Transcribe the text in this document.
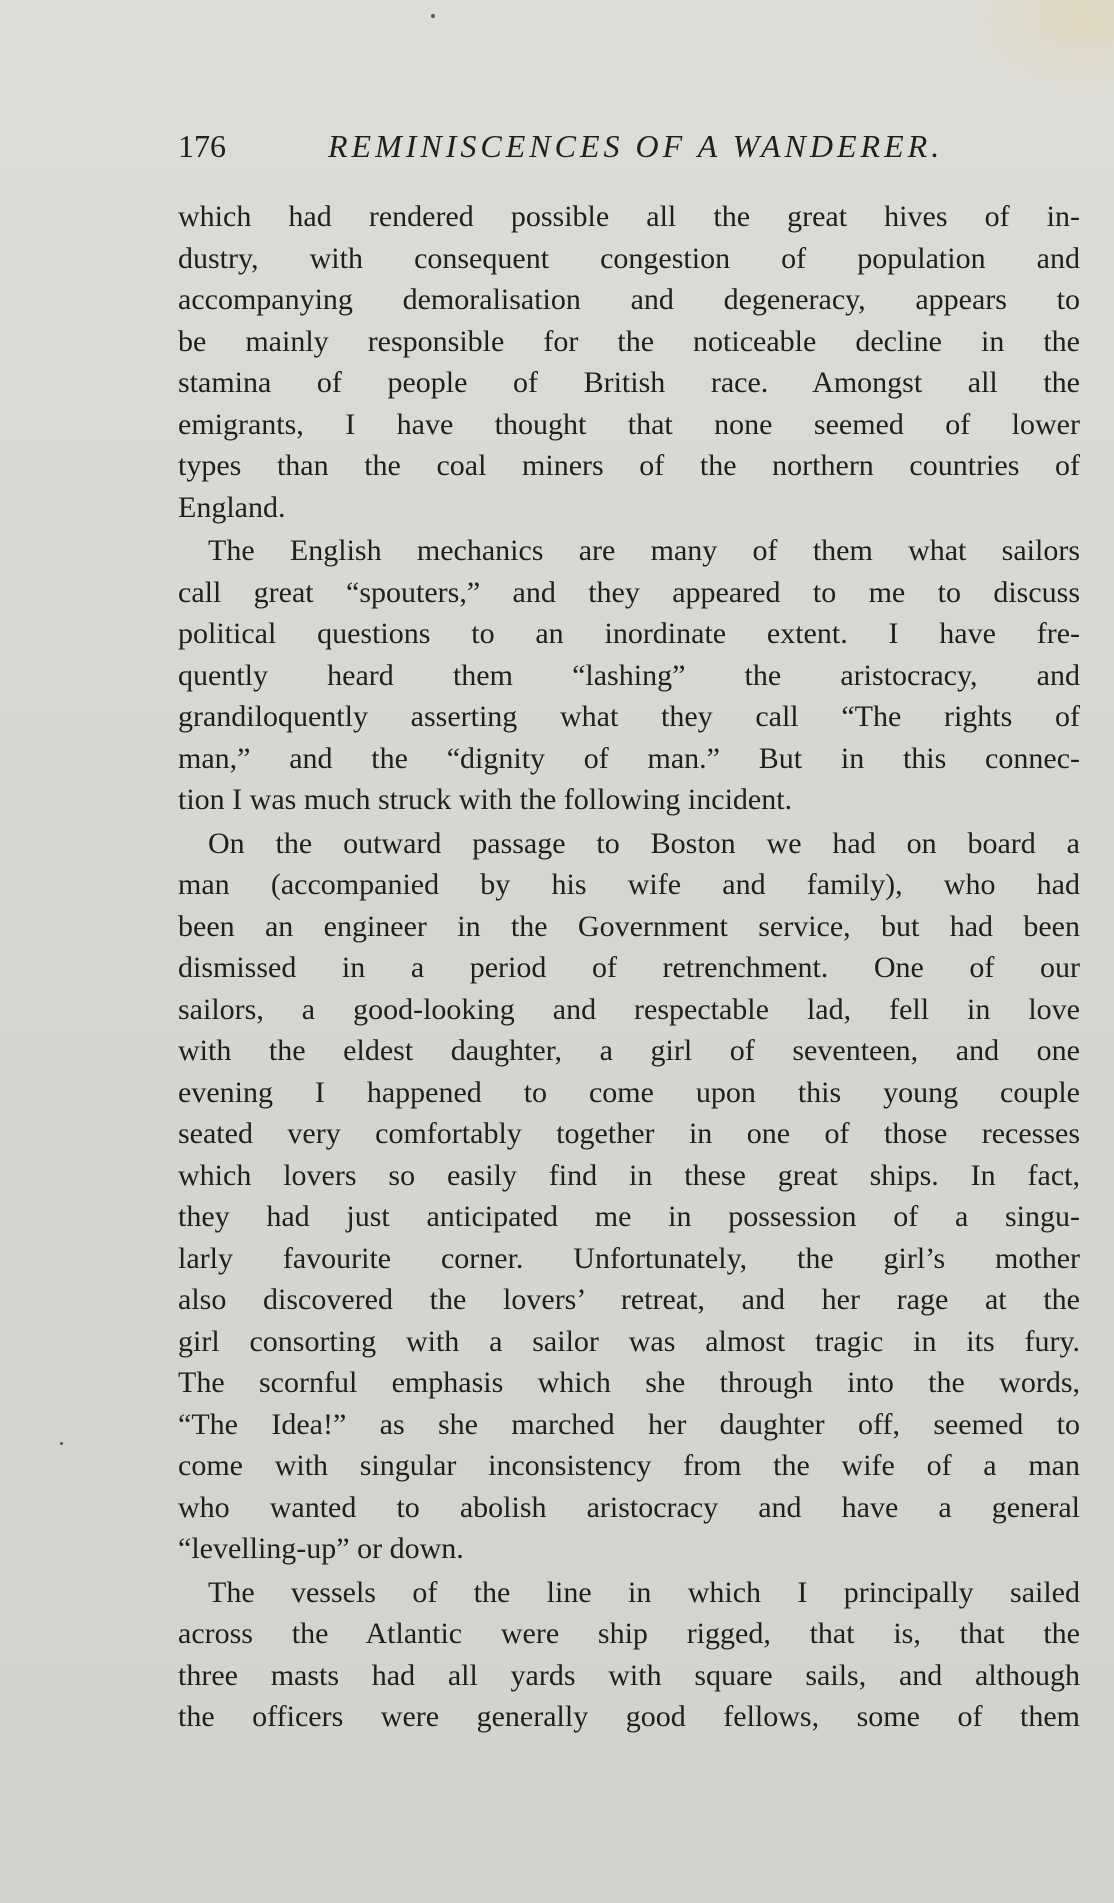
176	REMINISCENCES OF A WANDERER.
which had rendered possible all the great hives of in-
dustry, with consequent congestion of population and
accompanying demoralisation and degeneracy, appears to
be mainly responsible for the noticeable decline in the
stamina of people of British race. Amongst all the
emigrants, I have thought that none seemed of lower
types than the coal miners of the northern countries of
England.
The English mechanics are many of them what sailors
call great “spouters,” and they appeared to me to discuss
political questions to an inordinate extent. I have fre-
quently heard them “lashing” the aristocracy, and
grandiloquently asserting what they call “The rights of
man,” and the “dignity of man.” But in this connec-
tion I was much struck with the following incident.
On the outward passage to Boston we had on board a
man (accompanied by his wife and family), who had
been an engineer in the Government service, but had been
dismissed in a period of retrenchment. One of our
sailors, a good-looking and respectable lad, fell in love
with the eldest daughter, a girl of seventeen, and one
evening I happened to come upon this young couple
seated very comfortably together in one of those recesses
which lovers so easily find in these great ships. In fact,
they had just anticipated me in possession of a singu-
larly favourite corner. Unfortunately, the girl’s mother
also discovered the lovers’ retreat, and her rage at the
girl consorting with a sailor was almost tragic in its fury.
The scornful emphasis which she through into the words,
“The Idea!” as she marched her daughter off, seemed to
come with singular inconsistency from the wife of a man
who wanted to abolish aristocracy and have a general
“levelling-up” or down.
The vessels of the line in which I principally sailed
across the Atlantic were ship rigged, that is, that the
three masts had all yards with square sails, and although
the officers were generally good fellows, some of them
